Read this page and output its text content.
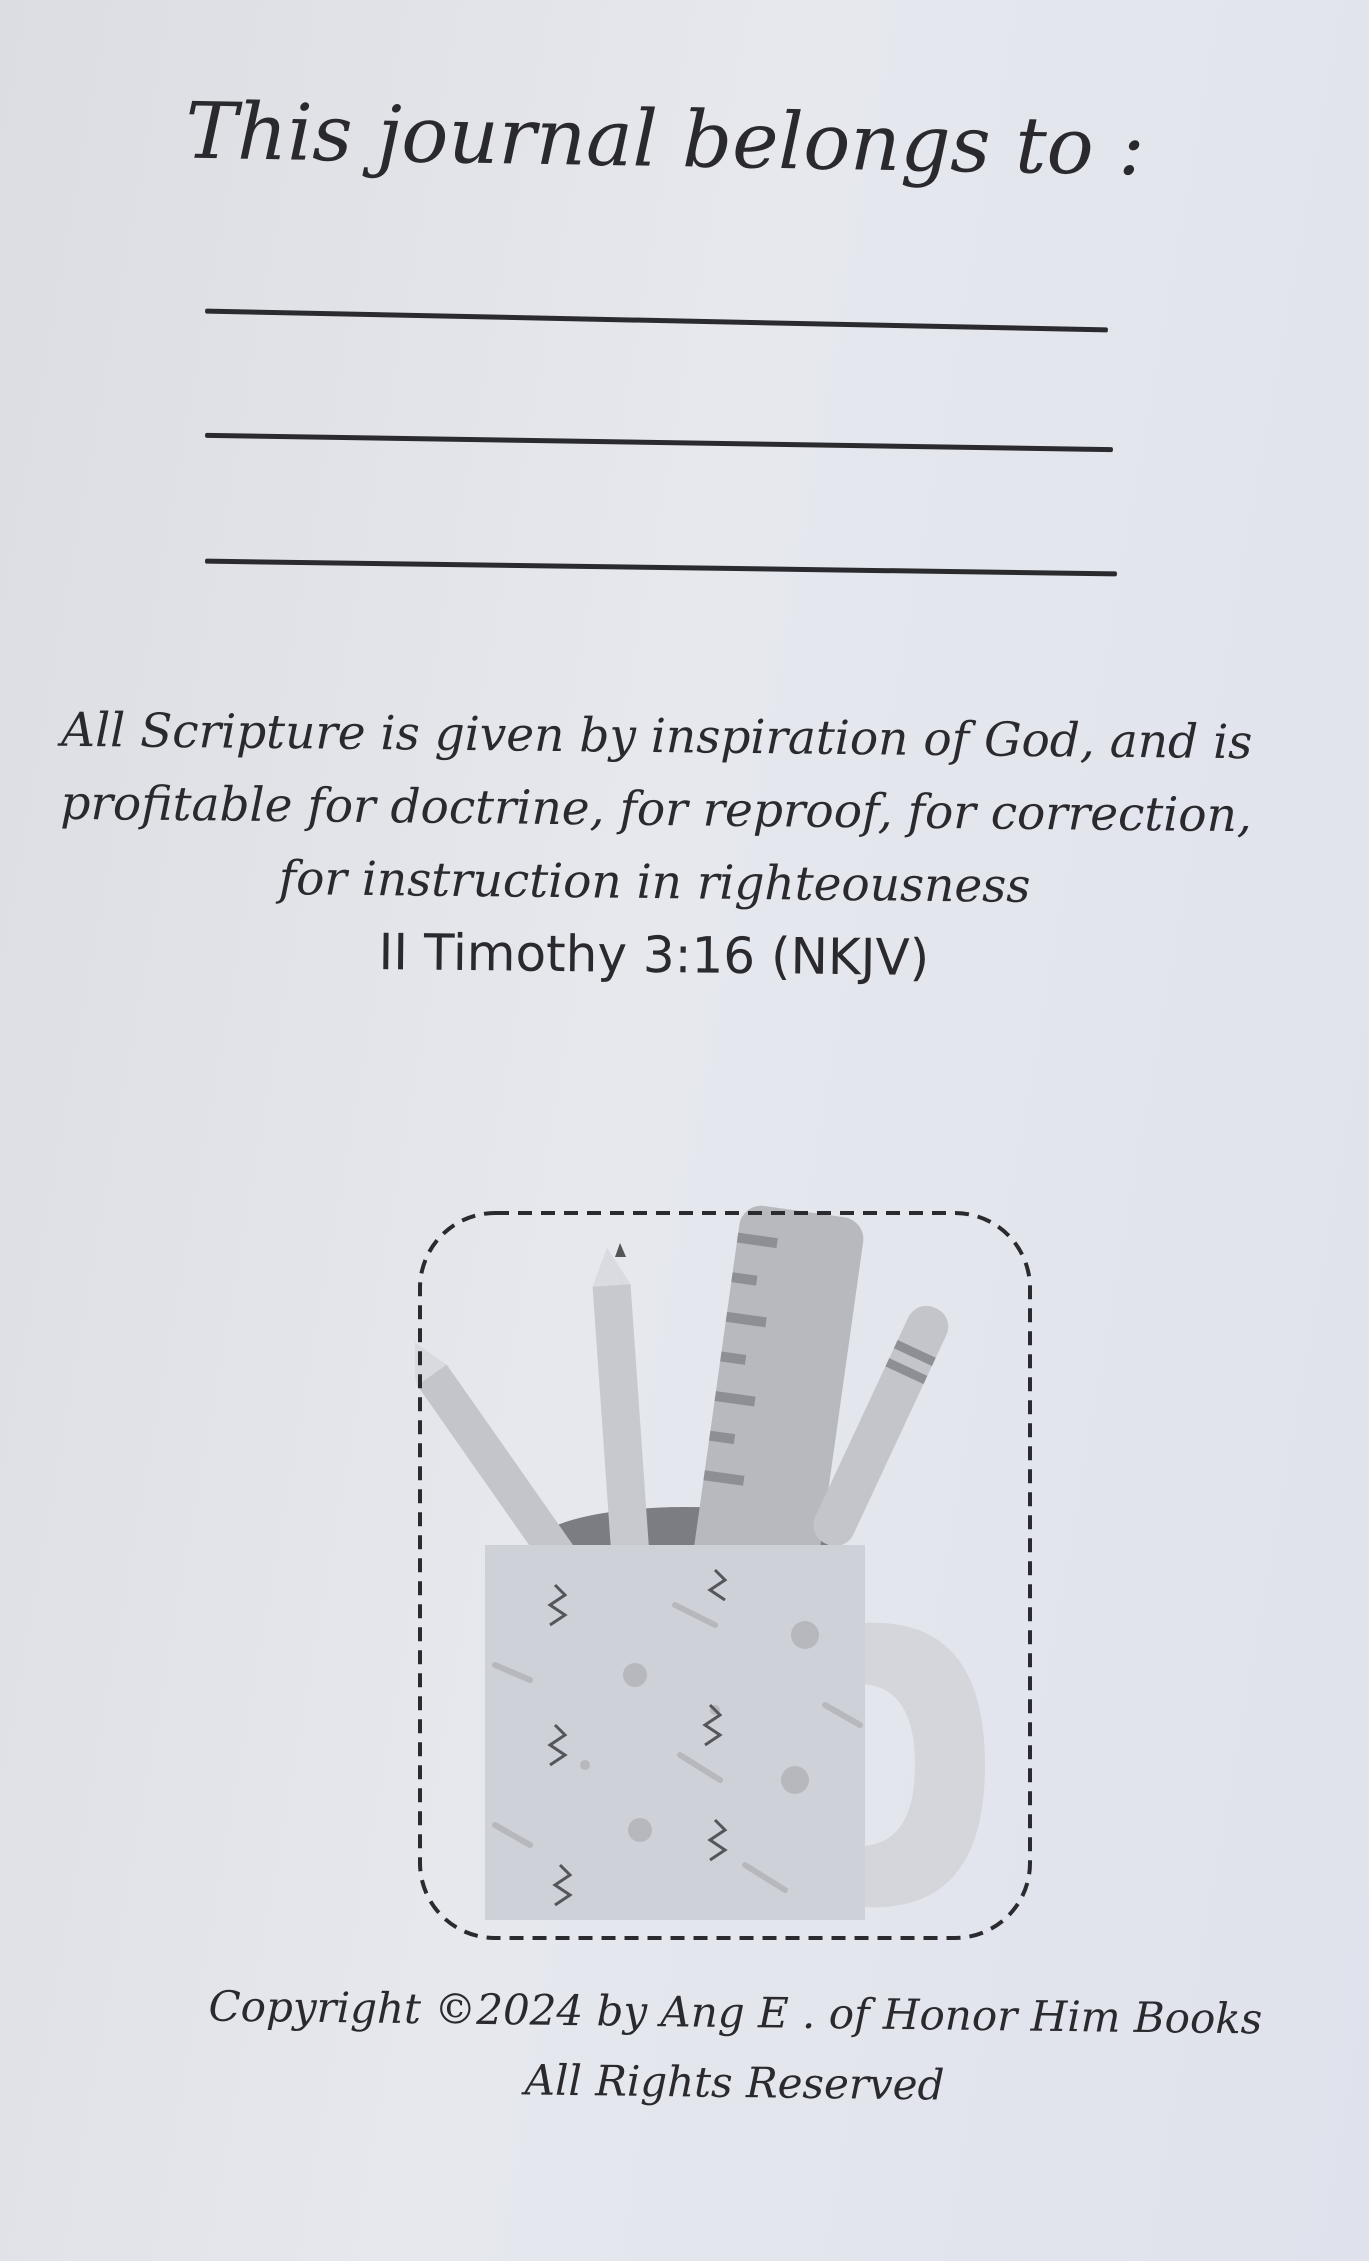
This journal belongs to :
All Scripture is given by inspiration of God, and is
profitable for doctrine, for reproof, for correction,
for instruction in righteousness
II Timothy 3:16 (NKJV)
Copyright ©2024 by Ang E . of Honor Him Books
All Rights Reserved
